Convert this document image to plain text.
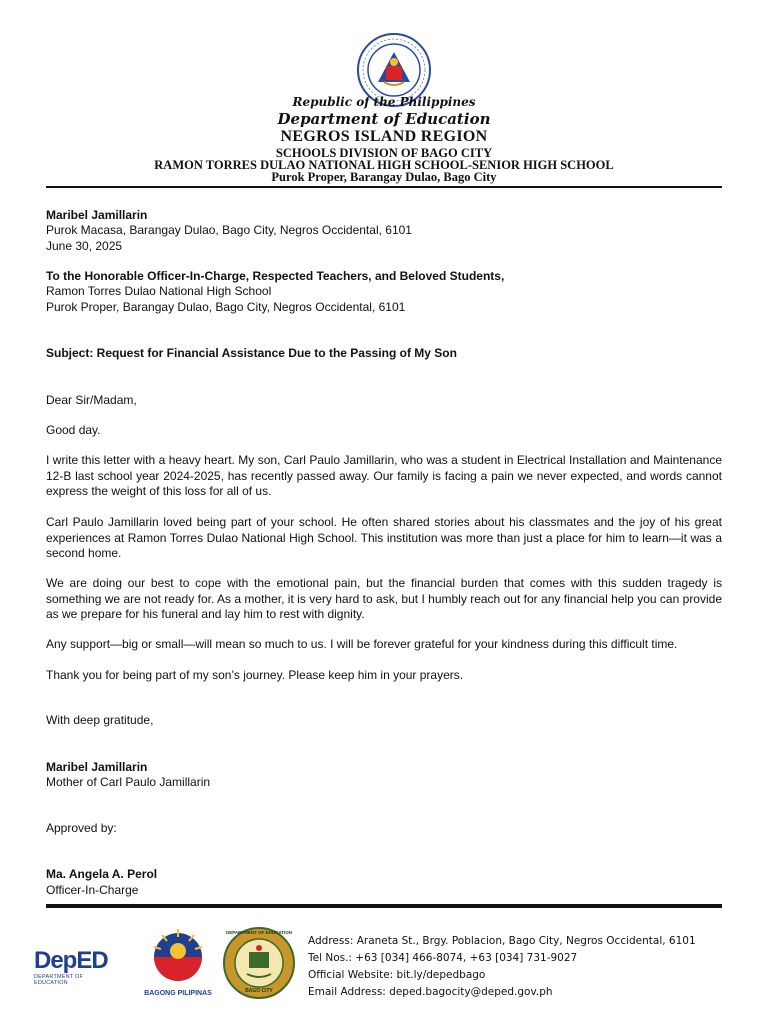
Republic of the Philippines
Department of Education
NEGROS ISLAND REGION
SCHOOLS DIVISION OF BAGO CITY
RAMON TORRES DULAO NATIONAL HIGH SCHOOL-SENIOR HIGH SCHOOL
Purok Proper, Barangay Dulao, Bago City
Maribel Jamillarin
Purok Macasa, Barangay Dulao, Bago City, Negros Occidental, 6101
June 30, 2025
To the Honorable Officer-In-Charge, Respected Teachers, and Beloved Students,
Ramon Torres Dulao National High School
Purok Proper, Barangay Dulao, Bago City, Negros Occidental, 6101
Subject: Request for Financial Assistance Due to the Passing of My Son
Dear Sir/Madam,
Good day.
I write this letter with a heavy heart. My son, Carl Paulo Jamillarin, who was a student in Electrical Installation and Maintenance 12-B last school year 2024-2025, has recently passed away. Our family is facing a pain we never expected, and words cannot express the weight of this loss for all of us.
Carl Paulo Jamillarin loved being part of your school. He often shared stories about his classmates and the joy of his great experiences at Ramon Torres Dulao National High School. This institution was more than just a place for him to learn—it was a second home.
We are doing our best to cope with the emotional pain, but the financial burden that comes with this sudden tragedy is something we are not ready for. As a mother, it is very hard to ask, but I humbly reach out for any financial help you can provide as we prepare for his funeral and lay him to rest with dignity.
Any support—big or small—will mean so much to us. I will be forever grateful for your kindness during this difficult time.
Thank you for being part of my son’s journey. Please keep him in your prayers.
With deep gratitude,
Maribel Jamillarin
Mother of Carl Paulo Jamillarin
Approved by:
Ma. Angela A. Perol
Officer-In-Charge
DepED
DEPARTMENT OF EDUCATION
BAGONG PILIPINAS
DEPARTMENT OF EDUCATION
BAGO CITY
Address: Araneta St., Brgy. Poblacion, Bago City, Negros Occidental, 6101
Tel Nos.: +63 [034] 466-8074, +63 [034] 731-9027
Official Website: bit.ly/depedbago
Email Address: deped.bagocity@deped.gov.ph
